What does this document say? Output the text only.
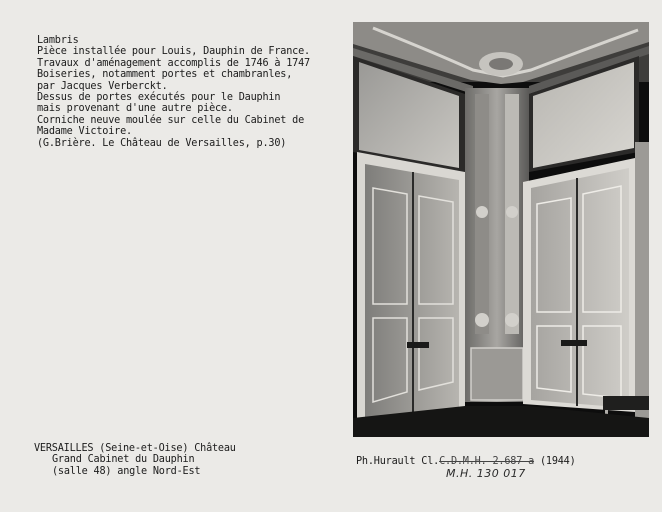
Lambris
Pièce installée pour Louis, Dauphin de France.
Travaux d'aménagement accomplis de 1746 à 1747
Boiseries, notamment portes et chambranles,
par Jacques Verberckt.
Dessus de portes exécutés pour le Dauphin
mais provenant d'une autre pièce.
Corniche neuve moulée sur celle du Cabinet de
Madame Victoire.
(G.Brière. Le Château de Versailles, p.30)
VERSAILLES (Seine-et-Oise) Château
Grand Cabinet du Dauphin
(salle 48) angle Nord-Est
Ph.Hurault Cl.C.D.M.H. 2.687 a (1944)
M.H. 130 017
